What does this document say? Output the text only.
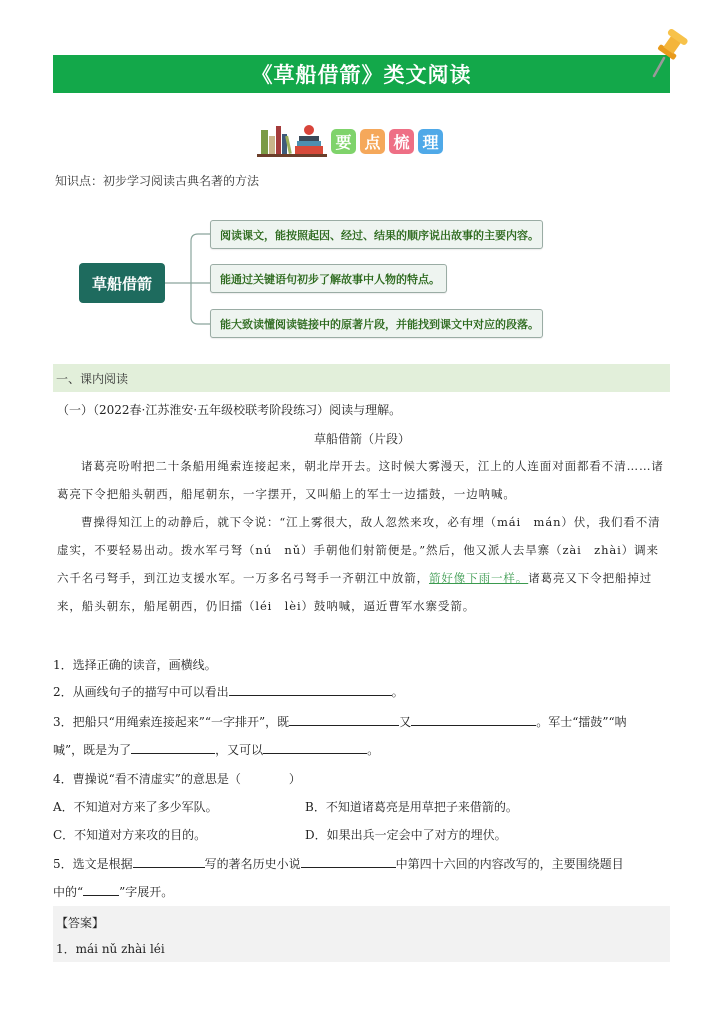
《草船借箭》类文阅读
要 点 梳 理
知识点：初步学习阅读古典名著的方法
草船借箭
阅读课文，能按照起因、经过、结果的顺序说出故事的主要内容。
能通过关键语句初步了解故事中人物的特点。
能大致读懂阅读链接中的原著片段，并能找到课文中对应的段落。
一、课内阅读
（一）（2022春·江苏淮安·五年级校联考阶段练习）阅读与理解。
草船借箭（片段）
诸葛亮吩咐把二十条船用绳索连接起来，朝北岸开去。这时候大雾漫天，江上的人连面对面都看不清……诸葛亮下令把船头朝西，船尾朝东，一字摆开，又叫船上的军士一边擂鼓，一边呐喊。
曹操得知江上的动静后，就下令说：“江上雾很大，敌人忽然来攻，必有埋（mái　mán）伏，我们看不清虚实，不要轻易出动。拨水军弓弩（nú　nǔ）手朝他们射箭便是。”然后，他又派人去旱寨（zài　zhài）调来六千名弓弩手，到江边支援水军。一万多名弓弩手一齐朝江中放箭，箭好像下雨一样。诸葛亮又下令把船掉过来，船头朝东，船尾朝西，仍旧擂（léi　lèi）鼓呐喊，逼近曹军水寨受箭。
1．选择正确的读音，画横线。
2．从画线句子的描写中可以看出	。
3．把船只“用绳索连接起来”“一字排开”，既	又	。军士“擂鼓”“呐
喊”，既是为了	，又可以	。
4．曹操说“看不清虚实”的意思是（　　　　）
A．不知道对方来了多少军队。	B．不知道诸葛亮是用草把子来借箭的。
C．不知道对方来攻的目的。	D．如果出兵一定会中了对方的埋伏。
5．选文是根据	写的著名历史小说	中第四十六回的内容改写的，主要围绕题目
中的“	”字展开。
【答案】
1．mái nǔ zhài léi
